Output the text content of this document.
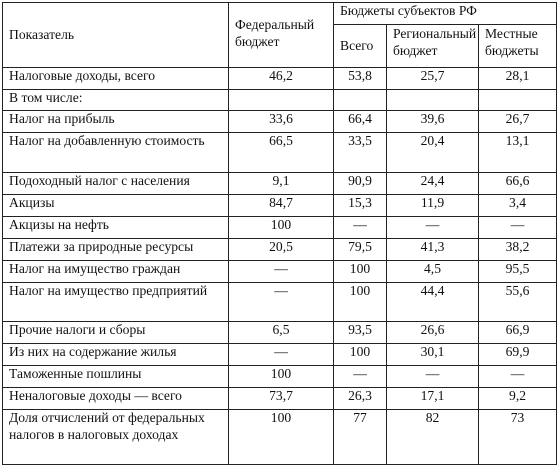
Показатель	Федеральный бюджет	Бюджеты субъектов РФ		
		Всего	Региональный бюджет	Местные бюджеты
Налоговые доходы, всего	46,2	53,8	25,7	28,1
В том числе:				
Налог на прибыль	33,6	66,4	39,6	26,7
Налог на добавленную стоимость	66,5	33,5	20,4	13,1
Подоходный налог с населения	9,1	90,9	24,4	66,6
Акцизы	84,7	15,3	11,9	3,4
Акцизы на нефть	100	—	—	—
Платежи за природные ресурсы	20,5	79,5	41,3	38,2
Налог на имущество граждан	—	100	4,5	95,5
Налог на имущество предприятий	—	100	44,4	55,6
Прочие налоги и сборы	6,5	93,5	26,6	66,9
Из них на содержание жилья	—	100	30,1	69,9
Таможенные пошлины	100	—	—	—
Неналоговые доходы — всего	73,7	26,3	17,1	9,2
Доля отчислений от федеральных налогов в налоговых доходах	100	77	82	73
